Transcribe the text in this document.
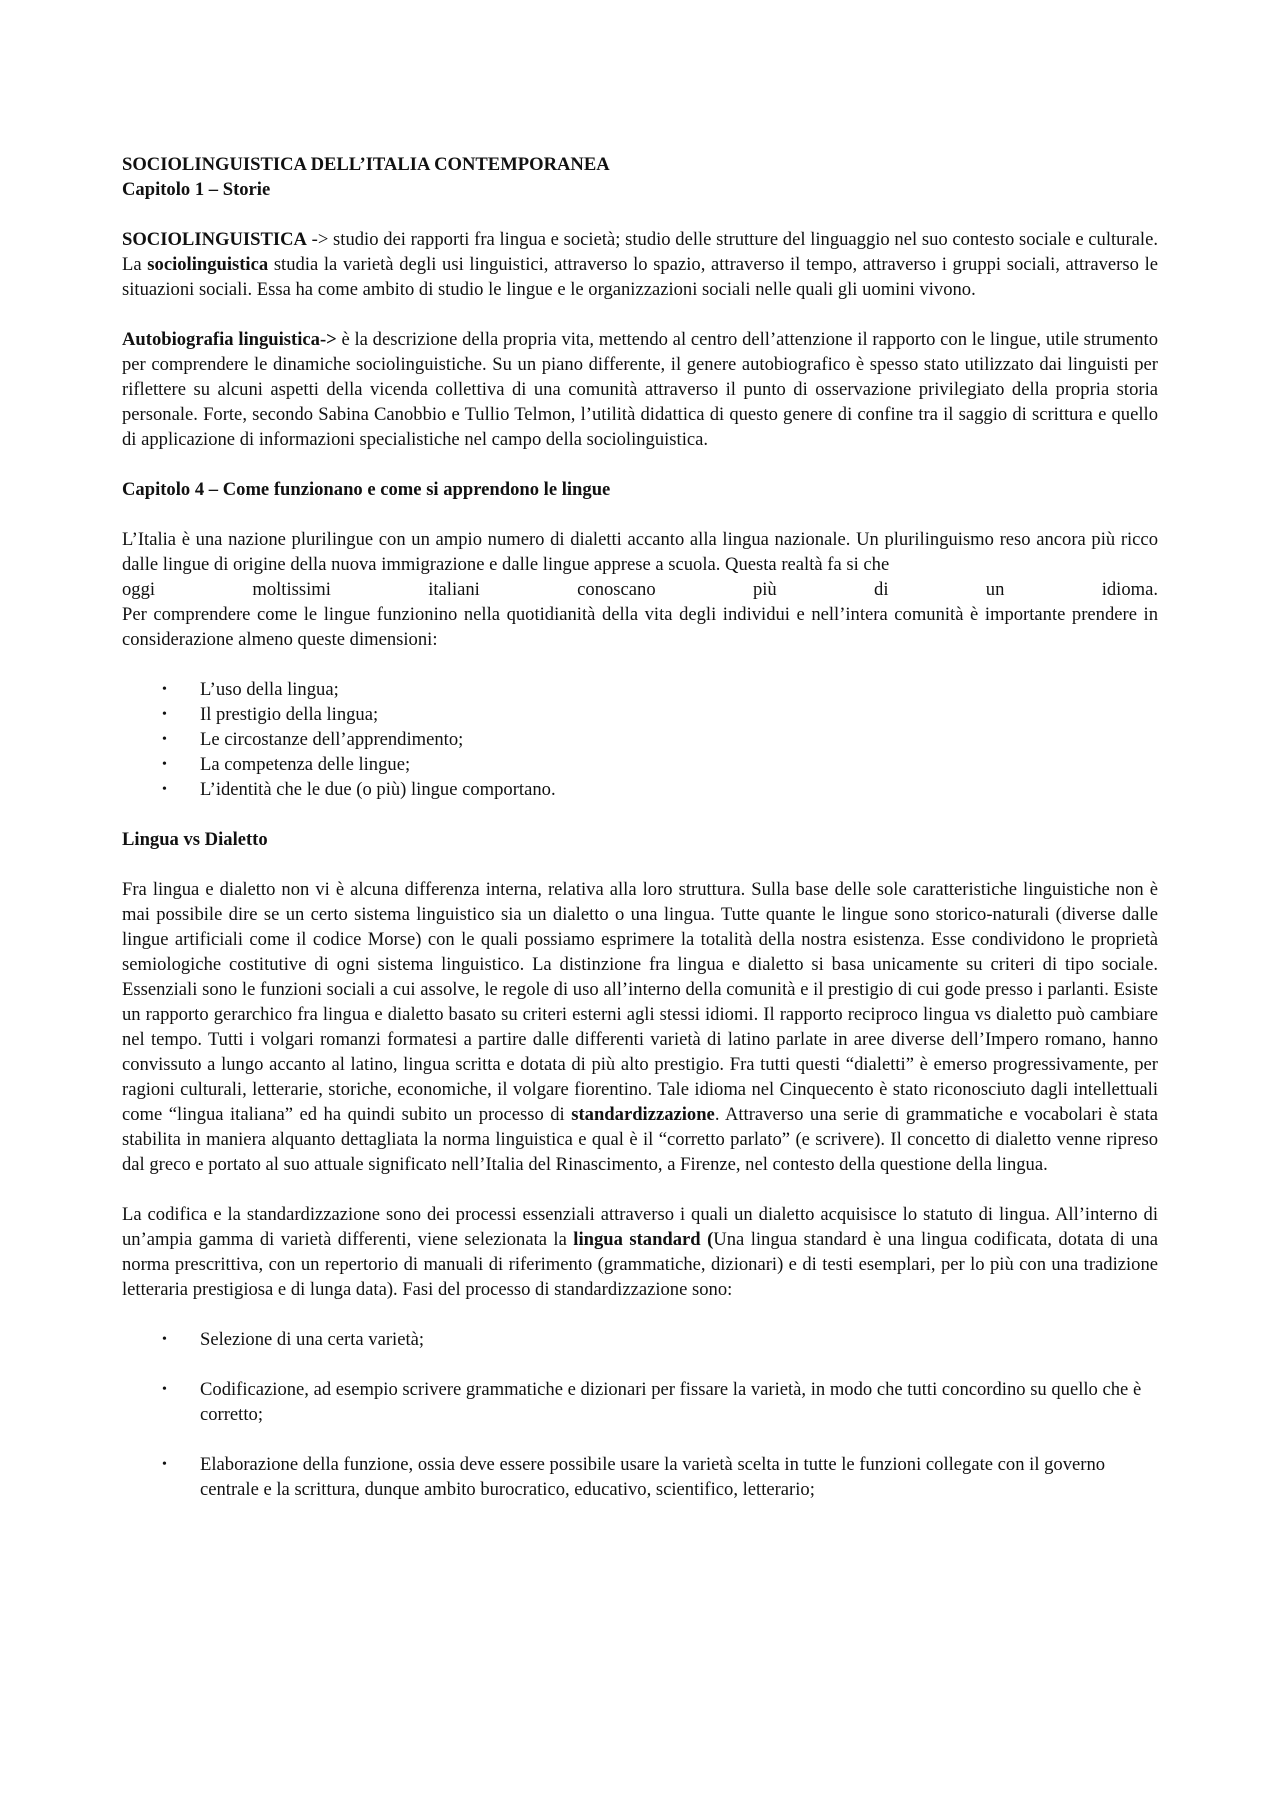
SOCIOLINGUISTICA DELL’ITALIA CONTEMPORANEA
Capitolo 1 – Storie

SOCIOLINGUISTICA -> studio dei rapporti fra lingua e società; studio delle strutture del linguaggio nel suo contesto sociale e culturale. La sociolinguistica studia la varietà degli usi linguistici, attraverso lo spazio, attraverso il tempo, attraverso i gruppi sociali, attraverso le situazioni sociali. Essa ha come ambito di studio le lingue e le organizzazioni sociali nelle quali gli uomini vivono.

Autobiografia linguistica-> è la descrizione della propria vita, mettendo al centro dell’attenzione il rapporto con le lingue, utile strumento per comprendere le dinamiche sociolinguistiche. Su un piano differente, il genere autobiografico è spesso stato utilizzato dai linguisti per riflettere su alcuni aspetti della vicenda collettiva di una comunità attraverso il punto di osservazione privilegiato della propria storia personale. Forte, secondo Sabina Canobbio e Tullio Telmon, l’utilità didattica di questo genere di confine tra il saggio di scrittura e quello di applicazione di informazioni specialistiche nel campo della sociolinguistica.

Capitolo 4 – Come funzionano e come si apprendono le lingue

L’Italia è una nazione plurilingue con un ampio numero di dialetti accanto alla lingua nazionale. Un plurilinguismo reso ancora più ricco dalle lingue di origine della nuova immigrazione e dalle lingue apprese a scuola. Questa realtà fa si che

oggi moltissimi italiani conoscano più di un idioma.

Per comprendere come le lingue funzionino nella quotidianità della vita degli individui e nell’intera comunità è importante prendere in considerazione almeno queste dimensioni:

• L’uso della lingua;
• Il prestigio della lingua;
• Le circostanze dell’apprendimento;
• La competenza delle lingue;
• L’identità che le due (o più) lingue comportano.
Lingua vs Dialetto

Fra lingua e dialetto non vi è alcuna differenza interna, relativa alla loro struttura. Sulla base delle sole caratteristiche linguistiche non è mai possibile dire se un certo sistema linguistico sia un dialetto o una lingua. Tutte quante le lingue sono storico-naturali (diverse dalle lingue artificiali come il codice Morse) con le quali possiamo esprimere la totalità della nostra esistenza. Esse condividono le proprietà semiologiche costitutive di ogni sistema linguistico. La distinzione fra lingua e dialetto si basa unicamente su criteri di tipo sociale. Essenziali sono le funzioni sociali a cui assolve, le regole di uso all’interno della comunità e il prestigio di cui gode presso i parlanti. Esiste un rapporto gerarchico fra lingua e dialetto basato su criteri esterni agli stessi idiomi. Il rapporto reciproco lingua vs dialetto può cambiare nel tempo. Tutti i volgari romanzi formatesi a partire dalle differenti varietà di latino parlate in aree diverse dell’Impero romano, hanno convissuto a lungo accanto al latino, lingua scritta e dotata di più alto prestigio. Fra tutti questi “dialetti” è emerso progressivamente, per ragioni culturali, letterarie, storiche, economiche, il volgare fiorentino. Tale idioma nel Cinquecento è stato riconosciuto dagli intellettuali come “lingua italiana” ed ha quindi subito un processo di standardizzazione. Attraverso una serie di grammatiche e vocabolari è stata stabilita in maniera alquanto dettagliata la norma linguistica e qual è il “corretto parlato” (e scrivere). Il concetto di dialetto venne ripreso dal greco e portato al suo attuale significato nell’Italia del Rinascimento, a Firenze, nel contesto della questione della lingua.

La codifica e la standardizzazione sono dei processi essenziali attraverso i quali un dialetto acquisisce lo statuto di lingua. All’interno di un’ampia gamma di varietà differenti, viene selezionata la lingua standard (Una lingua standard è una lingua codificata, dotata di una norma prescrittiva, con un repertorio di manuali di riferimento (grammatiche, dizionari) e di testi esemplari, per lo più con una tradizione letteraria prestigiosa e di lunga data). Fasi del processo di standardizzazione sono:

• Selezione di una certa varietà;
• Codificazione, ad esempio scrivere grammatiche e dizionari per fissare la varietà, in modo che tutti concordino su quello che è corretto;
• Elaborazione della funzione, ossia deve essere possibile usare la varietà scelta in tutte le funzioni collegate con il governo centrale e la scrittura, dunque ambito burocratico, educativo, scientifico, letterario;
